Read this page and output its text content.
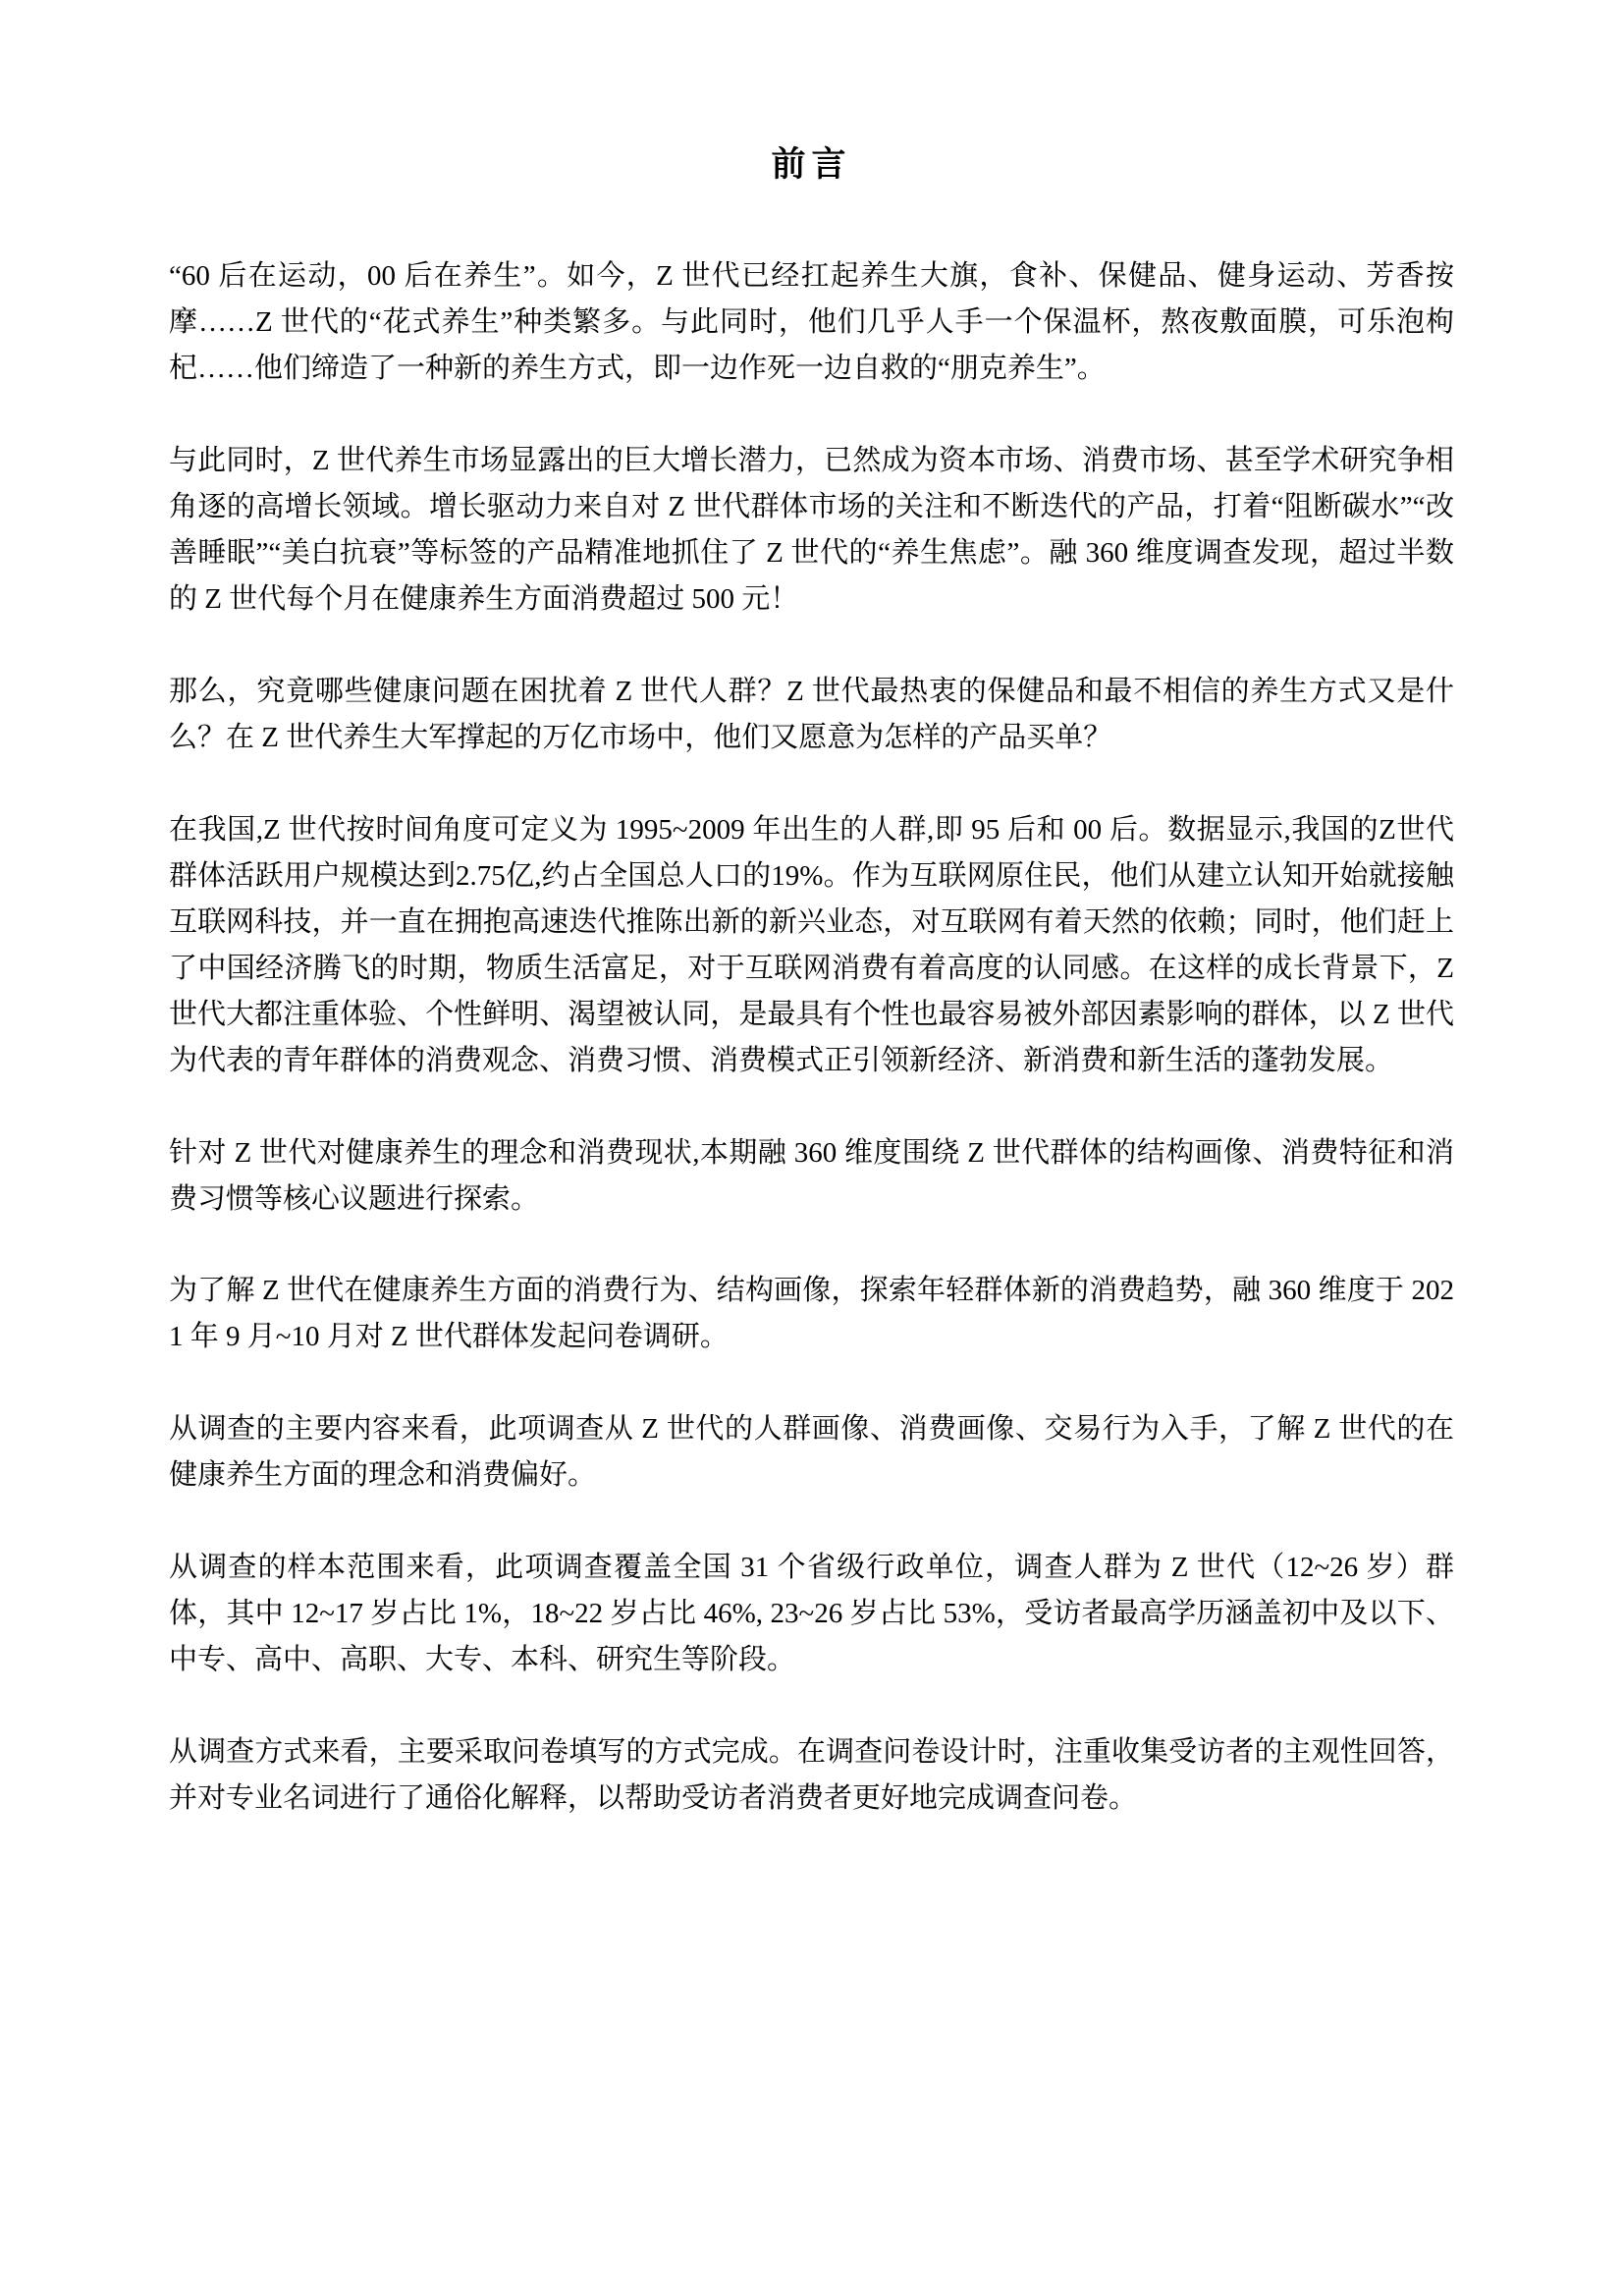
前言

“60 后在运动，00 后在养生”。如今，Z 世代已经扛起养生大旗，食补、保健品、健身运动、芳香按摩……Z 世代的“花式养生”种类繁多。与此同时，他们几乎人手一个保温杯，熬夜敷面膜，可乐泡枸杞……他们缔造了一种新的养生方式，即一边作死一边自救的“朋克养生”。

与此同时，Z 世代养生市场显露出的巨大增长潜力，已然成为资本市场、消费市场、甚至学术研究争相角逐的高增长领域。增长驱动力来自对 Z 世代群体市场的关注和不断迭代的产品，打着“阻断碳水”“改善睡眠”“美白抗衰”等标签的产品精准地抓住了 Z 世代的“养生焦虑”。融 360 维度调查发现，超过半数的 Z 世代每个月在健康养生方面消费超过 500 元！

那么，究竟哪些健康问题在困扰着 Z 世代人群？Z 世代最热衷的保健品和最不相信的养生方式又是什么？在 Z 世代养生大军撑起的万亿市场中，他们又愿意为怎样的产品买单？

在我国,Z 世代按时间角度可定义为 1995~2009 年出生的人群,即 95 后和 00 后。数据显示,我国的Z世代群体活跃用户规模达到2.75亿,约占全国总人口的19%。作为互联网原住民，他们从建立认知开始就接触互联网科技，并一直在拥抱高速迭代推陈出新的新兴业态，对互联网有着天然的依赖；同时，他们赶上了中国经济腾飞的时期，物质生活富足，对于互联网消费有着高度的认同感。在这样的成长背景下，Z 世代大都注重体验、个性鲜明、渴望被认同，是最具有个性也最容易被外部因素影响的群体，以 Z 世代为代表的青年群体的消费观念、消费习惯、消费模式正引领新经济、新消费和新生活的蓬勃发展。

针对 Z 世代对健康养生的理念和消费现状,本期融 360 维度围绕 Z 世代群体的结构画像、消费特征和消费习惯等核心议题进行探索。

为了解 Z 世代在健康养生方面的消费行为、结构画像，探索年轻群体新的消费趋势，融 360 维度于 2021 年 9 月~10 月对 Z 世代群体发起问卷调研。

从调查的主要内容来看，此项调查从 Z 世代的人群画像、消费画像、交易行为入手，了解 Z 世代的在健康养生方面的理念和消费偏好。

从调查的样本范围来看，此项调查覆盖全国 31 个省级行政单位，调查人群为 Z 世代（12~26 岁）群体，其中 12~17 岁占比 1%，18~22 岁占比 46%, 23~26 岁占比 53%，受访者最高学历涵盖初中及以下、中专、高中、高职、大专、本科、研究生等阶段。

从调查方式来看，主要采取问卷填写的方式完成。在调查问卷设计时，注重收集受访者的主观性回答，并对专业名词进行了通俗化解释，以帮助受访者消费者更好地完成调查问卷。
